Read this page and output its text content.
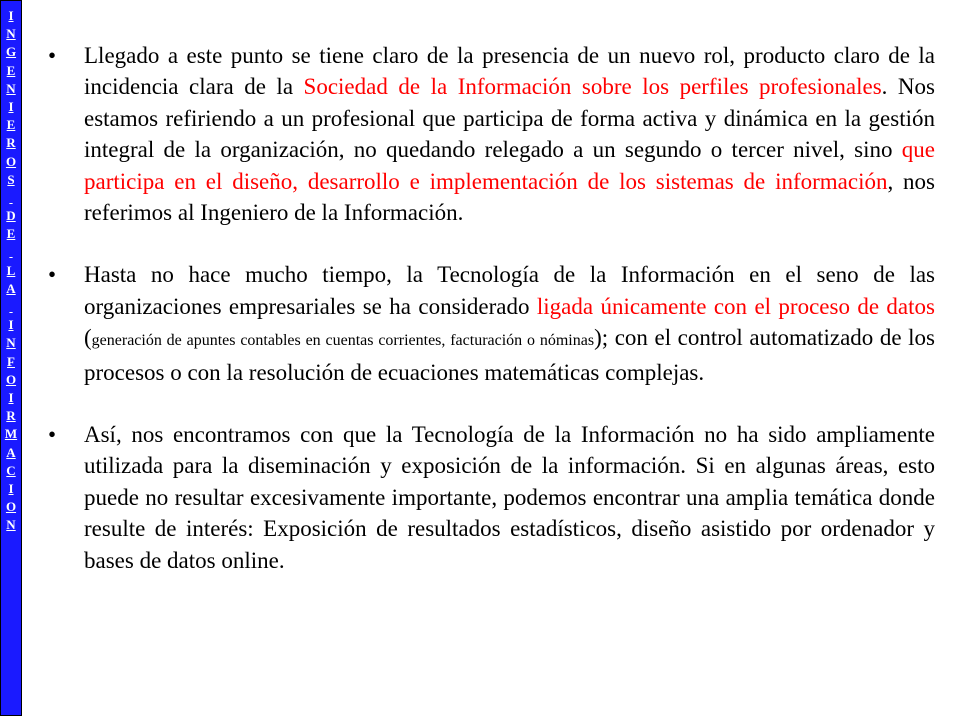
I
N
G
E
N
I
E
R
O
S

D
E

L
A

I
N
F
O
I
R
M
A
C
I
O
N
• Llegado a este punto se tiene claro de la presencia de un nuevo rol, producto claro de la incidencia clara de la Sociedad de la Información sobre los perfiles profesionales. Nos estamos refiriendo a un profesional que participa de forma activa y dinámica en la gestión integral de la organización, no quedando relegado a un segundo o tercer nivel, sino que participa en el diseño, desarrollo e implementación de los sistemas de información, nos referimos al Ingeniero de la Información.
• Hasta no hace mucho tiempo, la Tecnología de la Información en el seno de las organizaciones empresariales se ha considerado ligada únicamente con el proceso de datos (generación de apuntes contables en cuentas corrientes, facturación o nóminas); con el control automatizado de los procesos o con la resolución de ecuaciones matemáticas complejas.
• Así, nos encontramos con que la Tecnología de la Información no ha sido ampliamente utilizada para la diseminación y exposición de la información. Si en algunas áreas, esto puede no resultar excesivamente importante, podemos encontrar una amplia temática donde resulte de interés: Exposición de resultados estadísticos, diseño asistido por ordenador y bases de datos online.
